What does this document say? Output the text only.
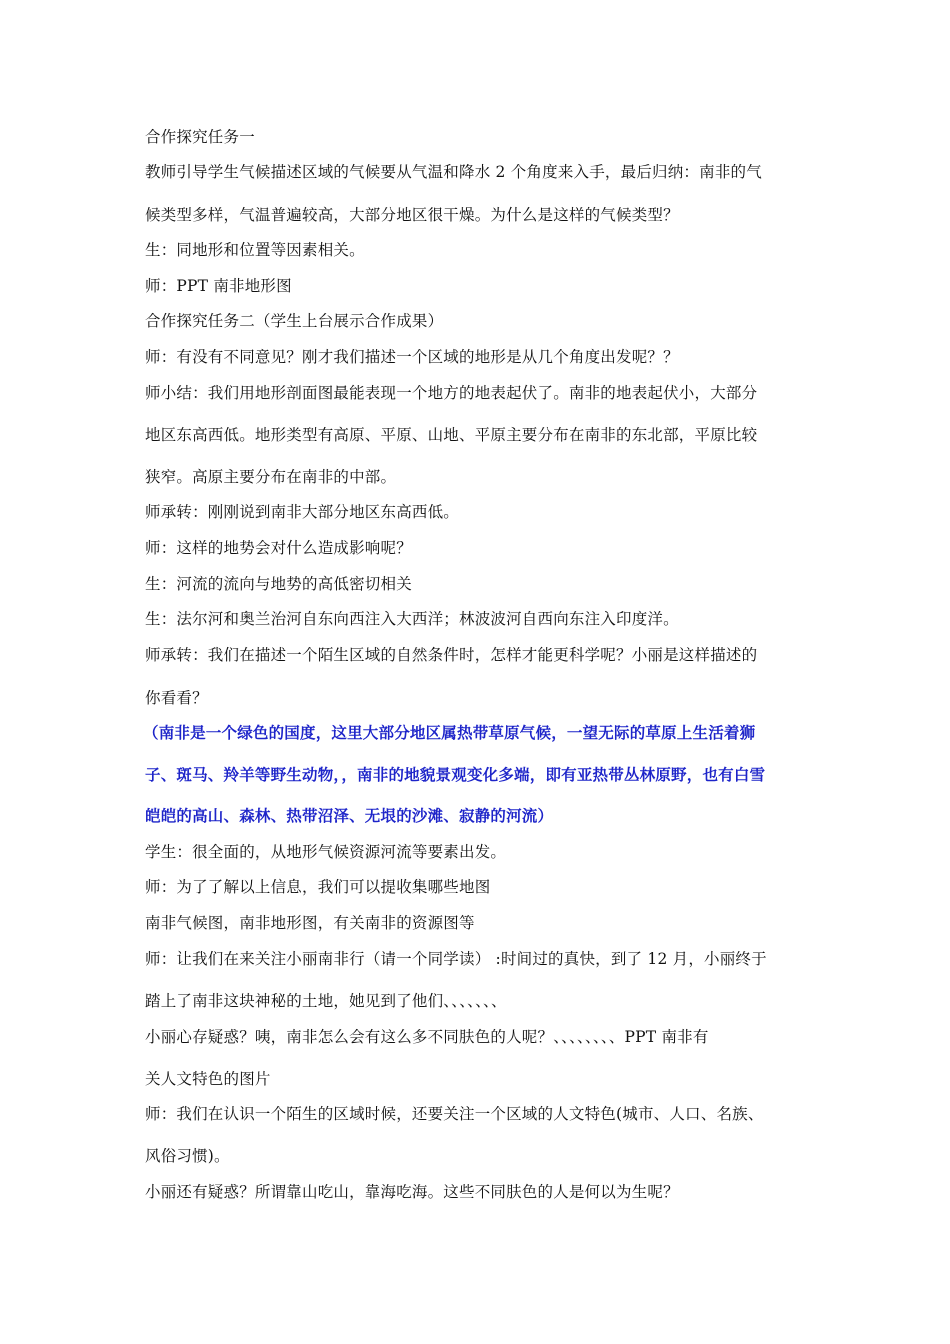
合作探究任务一
教师引导学生气候描述区域的气候要从气温和降水 2 个角度来入手，最后归纳：南非的气
候类型多样，气温普遍较高，大部分地区很干燥。为什么是这样的气候类型？
生：同地形和位置等因素相关。
师：PPT 南非地形图
合作探究任务二（学生上台展示合作成果）
师：有没有不同意见？刚才我们描述一个区域的地形是从几个角度出发呢？？
师小结：我们用地形剖面图最能表现一个地方的地表起伏了。南非的地表起伏小，大部分
地区东高西低。地形类型有高原、平原、山地、平原主要分布在南非的东北部，平原比较
狭窄。高原主要分布在南非的中部。
师承转：刚刚说到南非大部分地区东高西低。
师：这样的地势会对什么造成影响呢？
生：河流的流向与地势的高低密切相关
生：法尔河和奥兰治河自东向西注入大西洋；林波波河自西向东注入印度洋。
师承转：我们在描述一个陌生区域的自然条件时，怎样才能更科学呢？小丽是这样描述的
你看看？
（南非是一个绿色的国度，这里大部分地区属热带草原气候，一望无际的草原上生活着狮
子、斑马、羚羊等野生动物，，南非的地貌景观变化多端，即有亚热带丛林原野，也有白雪
皑皑的高山、森林、热带沼泽、无垠的沙滩、寂静的河流）
学生：很全面的，从地形气候资源河流等要素出发。
师：为了了解以上信息，我们可以提收集哪些地图
南非气候图，南非地形图，有关南非的资源图等
师：让我们在来关注小丽南非行（请一个同学读） :时间过的真快，到了 12 月，小丽终于
踏上了南非这块神秘的土地，她见到了他们、、、、、、、
小丽心存疑惑？咦，南非怎么会有这么多不同肤色的人呢？、、、、、、、、PPT 南非有
关人文特色的图片
师：我们在认识一个陌生的区域时候，还要关注一个区域的人文特色(城市、人口、名族、
风俗习惯)。
小丽还有疑惑？所谓靠山吃山，靠海吃海。这些不同肤色的人是何以为生呢？
